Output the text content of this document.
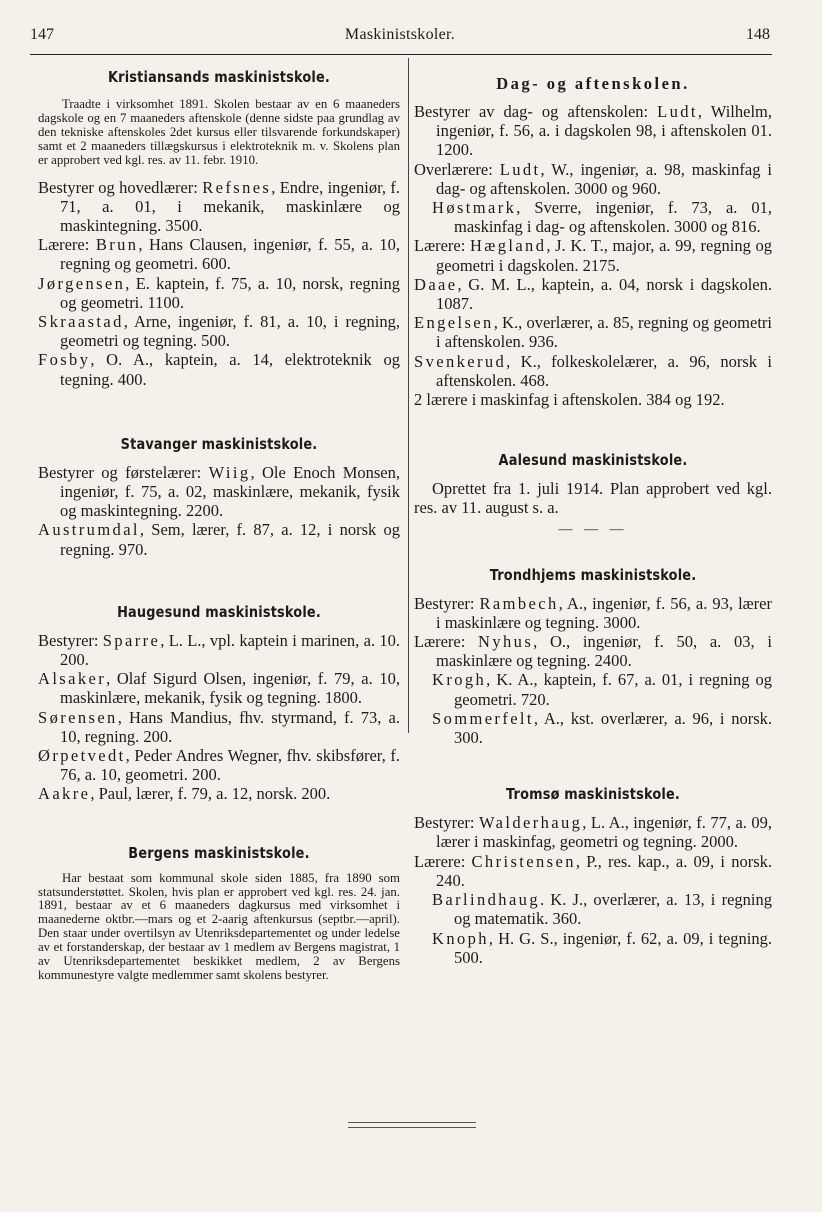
147	Maskinistskoler.	148
Kristiansands maskinistskole.

Traadte i virksomhet 1891. Skolen bestaar av en 6 maaneders dagskole og en 7 maaneders aftenskole (denne sidste paa grundlag av den tekniske aftenskoles 2det kursus eller tilsvarende forkundskaper) samt et 2 maaneders tillægskursus i elektroteknik m. v. Skolens plan er approbert ved kgl. res. av 11. febr. 1910.

Bestyrer og hovedlærer: Refsnes, Endre, ingeniør, f. 71, a. 01, i mekanik, maskinlære og maskintegning. 3500.

Lærere: Brun, Hans Clausen, ingeniør, f. 55, a. 10, regning og geometri. 600.

Jørgensen, E. kaptein, f. 75, a. 10, norsk, regning og geometri. 1100.

Skraastad, Arne, ingeniør, f. 81, a. 10, i regning, geometri og tegning. 500.

Fosby, O. A., kaptein, a. 14, elektroteknik og tegning. 400.

Stavanger maskinistskole.

Bestyrer og førstelærer: Wiig, Ole Enoch Monsen, ingeniør, f. 75, a. 02, maskinlære, mekanik, fysik og maskintegning. 2200.

Austrumdal, Sem, lærer, f. 87, a. 12, i norsk og regning. 970.

Haugesund maskinistskole.

Bestyrer: Sparre, L. L., vpl. kaptein i marinen, a. 10. 200.

Alsaker, Olaf Sigurd Olsen, ingeniør, f. 79, a. 10, maskinlære, mekanik, fysik og tegning. 1800.

Sørensen, Hans Mandius, fhv. styrmand, f. 73, a. 10, regning. 200.

Ørpetvedt, Peder Andres Wegner, fhv. skibsfører, f. 76, a. 10, geometri. 200.

Aakre, Paul, lærer, f. 79, a. 12, norsk. 200.

Bergens maskinistskole.

Har bestaat som kommunal skole siden 1885, fra 1890 som statsunderstøttet. Skolen, hvis plan er approbert ved kgl. res. 24. jan. 1891, bestaar av et 6 maaneders dagkursus med virksomhet i maanederne oktbr.—mars og et 2-aarig aftenkursus (septbr.—april). Den staar under overtilsyn av Utenriksdepartementet og under ledelse av et forstanderskap, der bestaar av 1 medlem av Bergens magistrat, 1 av Utenriksdepartementet beskikket medlem, 2 av Bergens kommunestyre valgte medlemmer samt skolens bestyrer.

Dag- og aftenskolen.

Bestyrer av dag- og aftenskolen: Ludt, Wilhelm, ingeniør, f. 56, a. i dagskolen 98, i aftenskolen 01. 1200.

Overlærere: Ludt, W., ingeniør, a. 98, maskinfag i dag- og aftenskolen. 3000 og 960.

Høstmark, Sverre, ingeniør, f. 73, a. 01, maskinfag i dag- og aftenskolen. 3000 og 816.

Lærere: Hægland, J. K. T., major, a. 99, regning og geometri i dagskolen. 2175.

Daae, G. M. L., kaptein, a. 04, norsk i dagskolen. 1087.

Engelsen, K., overlærer, a. 85, regning og geometri i aftenskolen. 936.

Svenkerud, K., folkeskolelærer, a. 96, norsk i aftenskolen. 468.

2 lærere i maskinfag i aftenskolen. 384 og 192.

Aalesund maskinistskole.

Oprettet fra 1. juli 1914. Plan approbert ved kgl. res. av 11. august s. a.

— — —

Trondhjems maskinistskole.

Bestyrer: Rambech, A., ingeniør, f. 56, a. 93, lærer i maskinlære og tegning. 3000.

Lærere: Nyhus, O., ingeniør, f. 50, a. 03, i maskinlære og tegning. 2400.

Krogh, K. A., kaptein, f. 67, a. 01, i regning og geometri. 720.

Sommerfelt, A., kst. overlærer, a. 96, i norsk. 300.

Tromsø maskinistskole.

Bestyrer: Walderhaug, L. A., ingeniør, f. 77, a. 09, lærer i maskinfag, geometri og tegning. 2000.

Lærere: Christensen, P., res. kap., a. 09, i norsk. 240.

Barlindhaug. K. J., overlærer, a. 13, i regning og matematik. 360.

Knoph, H. G. S., ingeniør, f. 62, a. 09, i tegning. 500.
